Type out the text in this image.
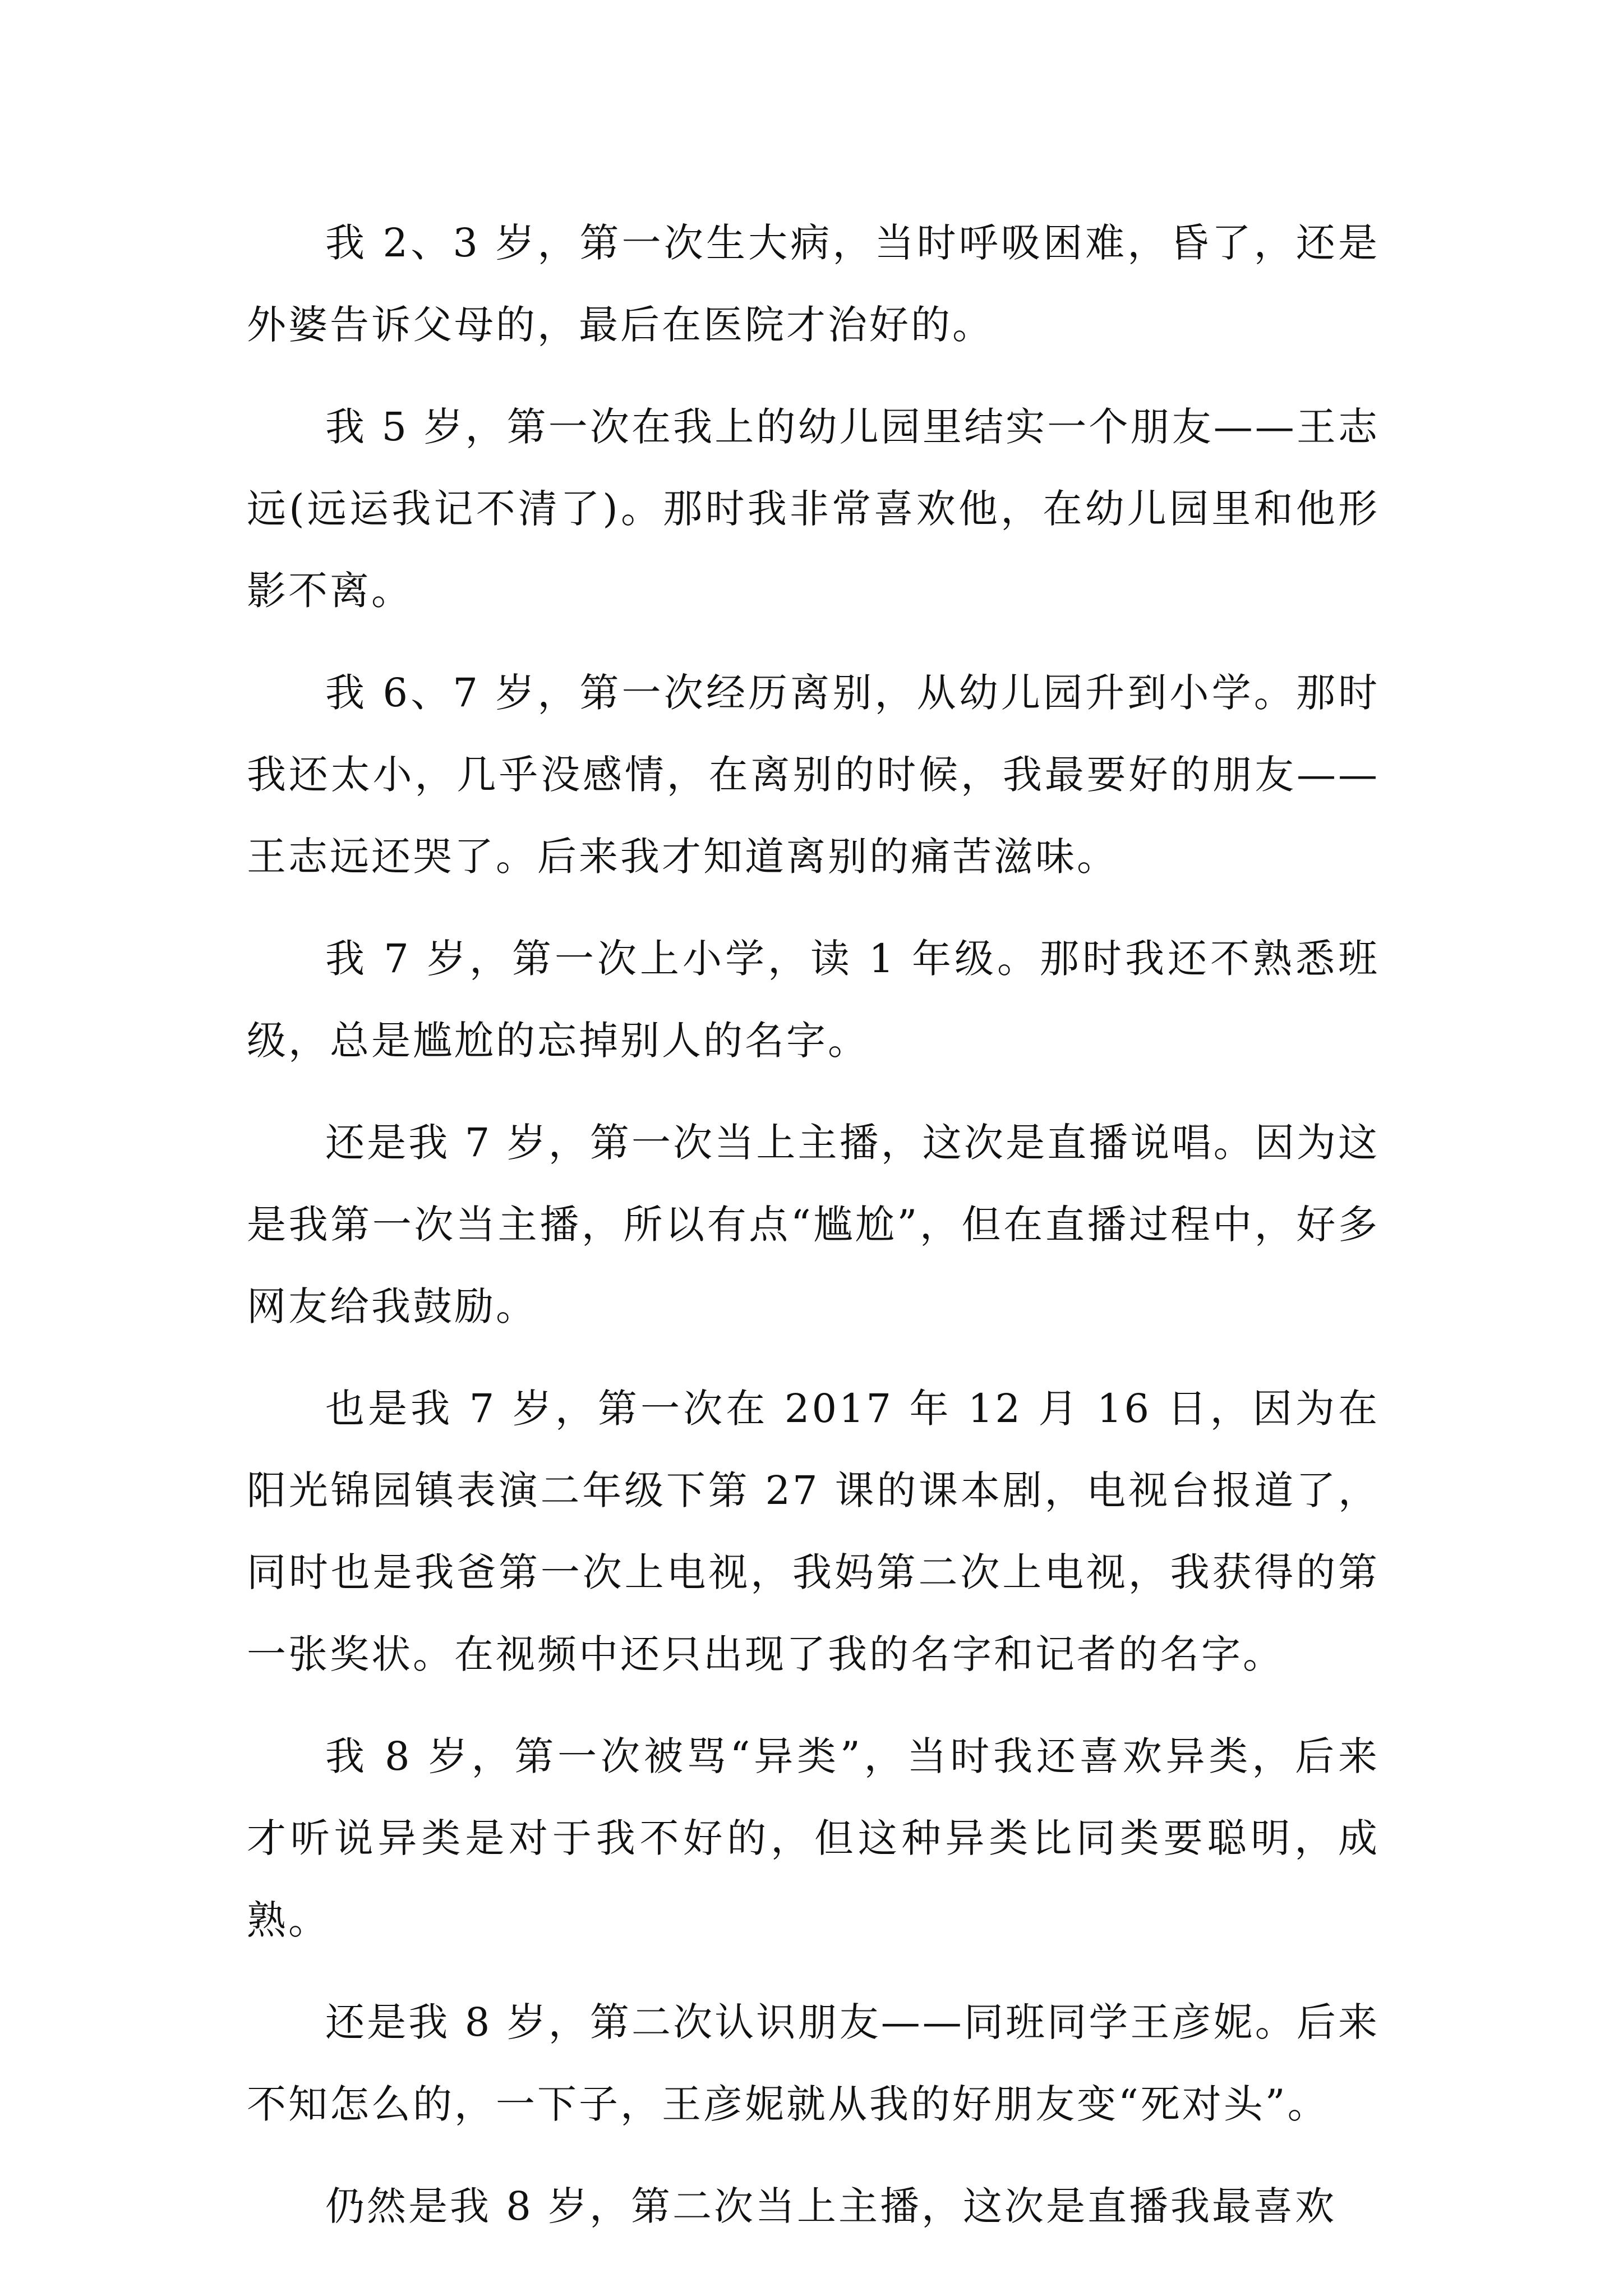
我 2、3 岁，第一次生大病，当时呼吸困难，昏了，还是外婆告诉父母的，最后在医院才治好的。

我 5 岁，第一次在我上的幼儿园里结实一个朋友——王志远(远运我记不清了)。那时我非常喜欢他，在幼儿园里和他形影不离。

我 6、7 岁，第一次经历离别，从幼儿园升到小学。那时我还太小，几乎没感情，在离别的时候，我最要好的朋友——王志远还哭了。后来我才知道离别的痛苦滋味。

我 7 岁，第一次上小学，读 1 年级。那时我还不熟悉班级，总是尴尬的忘掉别人的名字。

还是我 7 岁，第一次当上主播，这次是直播说唱。因为这是我第一次当主播，所以有点“尴尬”，但在直播过程中，好多网友给我鼓励。

也是我 7 岁，第一次在 2017 年 12 月 16 日，因为在阳光锦园镇表演二年级下第 27 课的课本剧，电视台报道了，同时也是我爸第一次上电视，我妈第二次上电视，我获得的第一张奖状。在视频中还只出现了我的名字和记者的名字。

我 8 岁，第一次被骂“异类”，当时我还喜欢异类，后来才听说异类是对于我不好的，但这种异类比同类要聪明，成熟。

还是我 8 岁，第二次认识朋友——同班同学王彦妮。后来不知怎么的，一下子，王彦妮就从我的好朋友变“死对头”。

仍然是我 8 岁，第二次当上主播，这次是直播我最喜欢
